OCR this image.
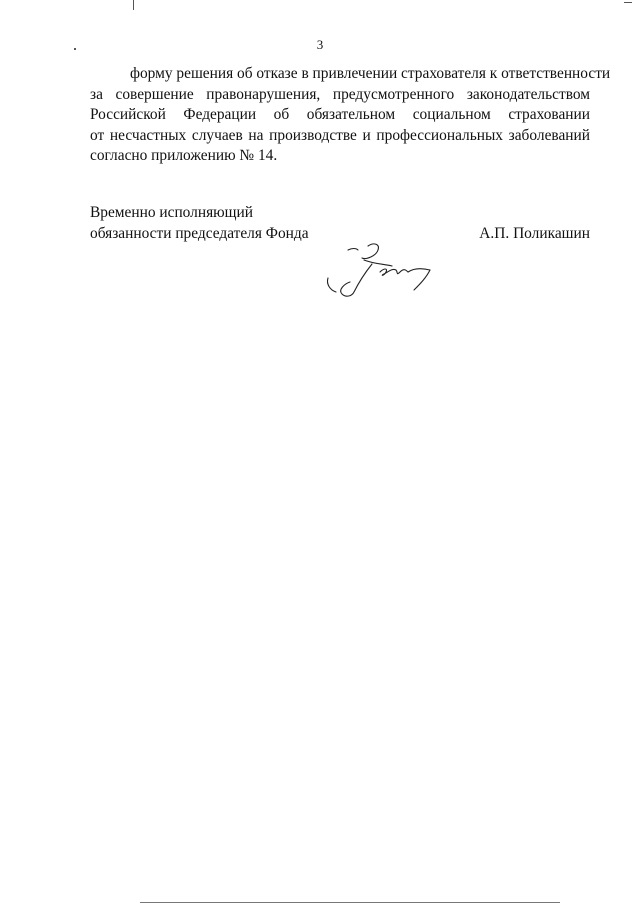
3
форму решения об отказе в привлечении страхователя к ответственности
за совершение правонарушения, предусмотренного законодательством
Российской Федерации об обязательном социальном страховании
от несчастных случаев на производстве и профессиональных заболеваний
согласно приложению № 14.
Временно исполняющий
обязанности председателя Фонда	А.П. Поликашин
